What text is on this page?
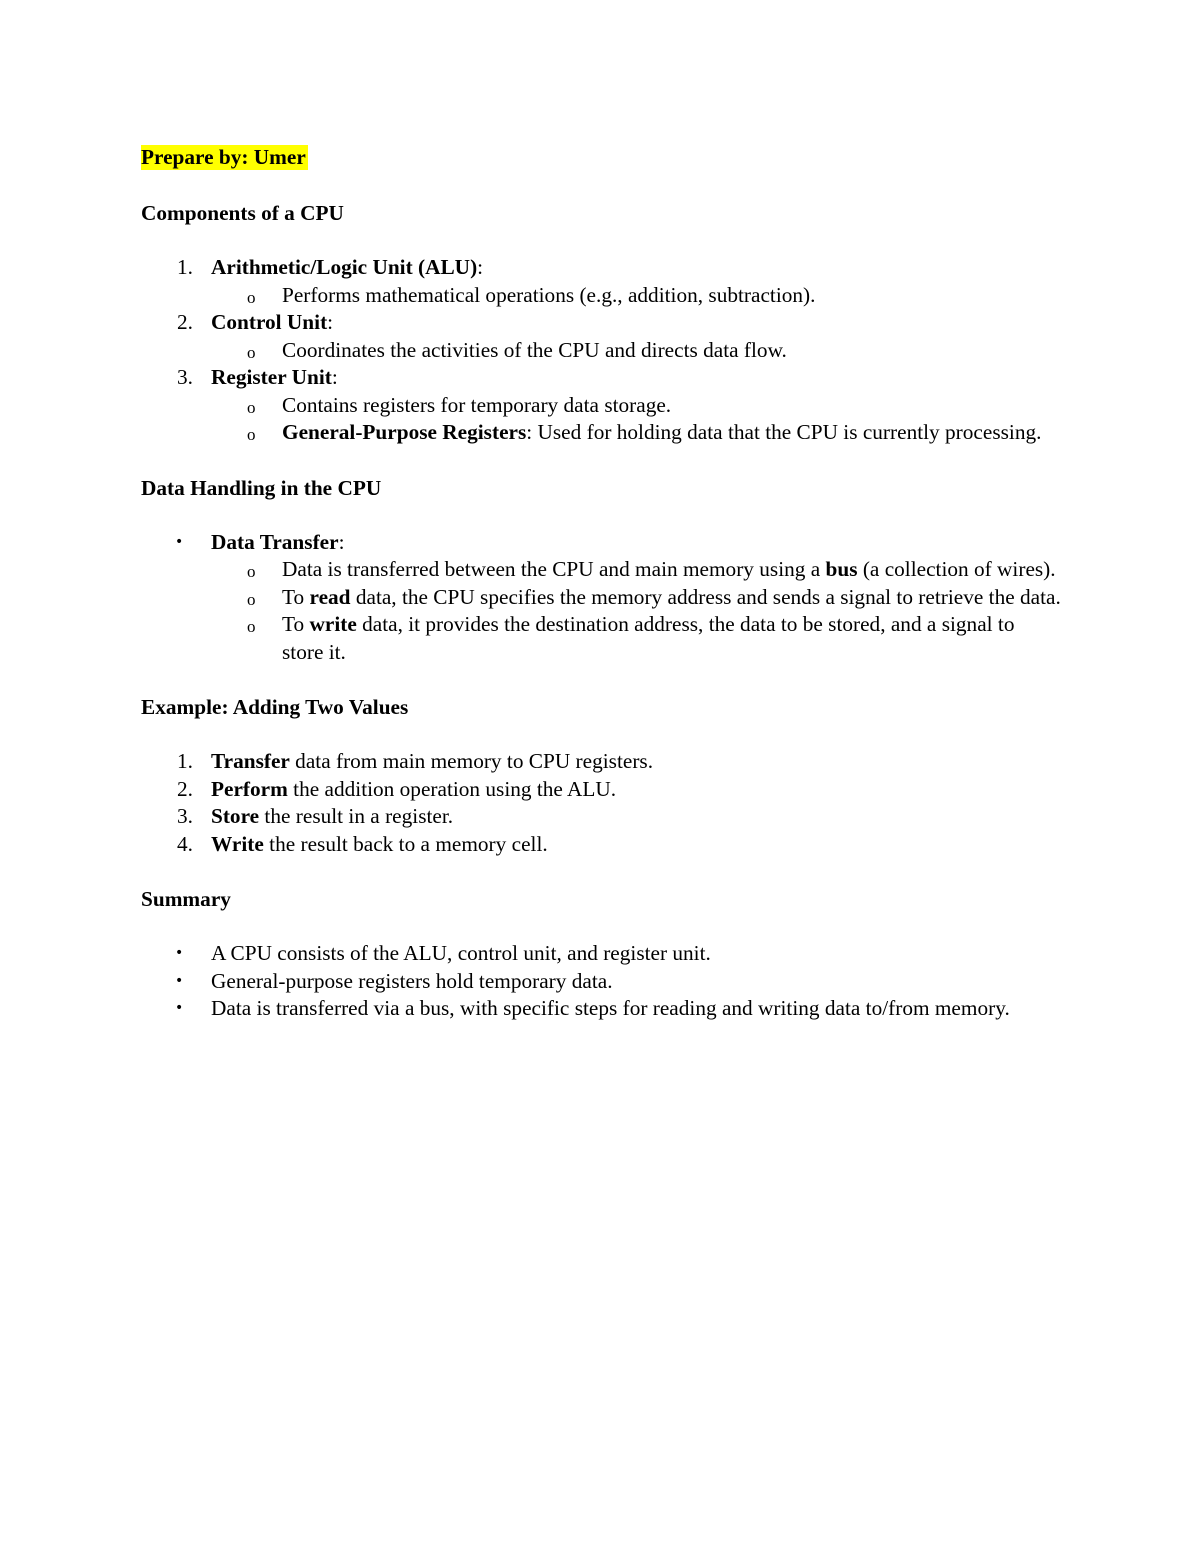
Prepare by: Umer

Components of a CPU
1. Arithmetic/Logic Unit (ALU):
o Performs mathematical operations (e.g., addition, subtraction).
2. Control Unit:
o Coordinates the activities of the CPU and directs data flow.
3. Register Unit:
o Contains registers for temporary data storage.
o General-Purpose Registers: Used for holding data that the CPU is currently processing.
Data Handling in the CPU
• Data Transfer:
o Data is transferred between the CPU and main memory using a bus (a collection of wires).
o To read data, the CPU specifies the memory address and sends a signal to retrieve the data.
o To write data, it provides the destination address, the data to be stored, and a signal to store it.
Example: Adding Two Values
1. Transfer data from main memory to CPU registers.
2. Perform the addition operation using the ALU.
3. Store the result in a register.
4. Write the result back to a memory cell.
Summary
• A CPU consists of the ALU, control unit, and register unit.
• General-purpose registers hold temporary data.
• Data is transferred via a bus, with specific steps for reading and writing data to/from memory.
